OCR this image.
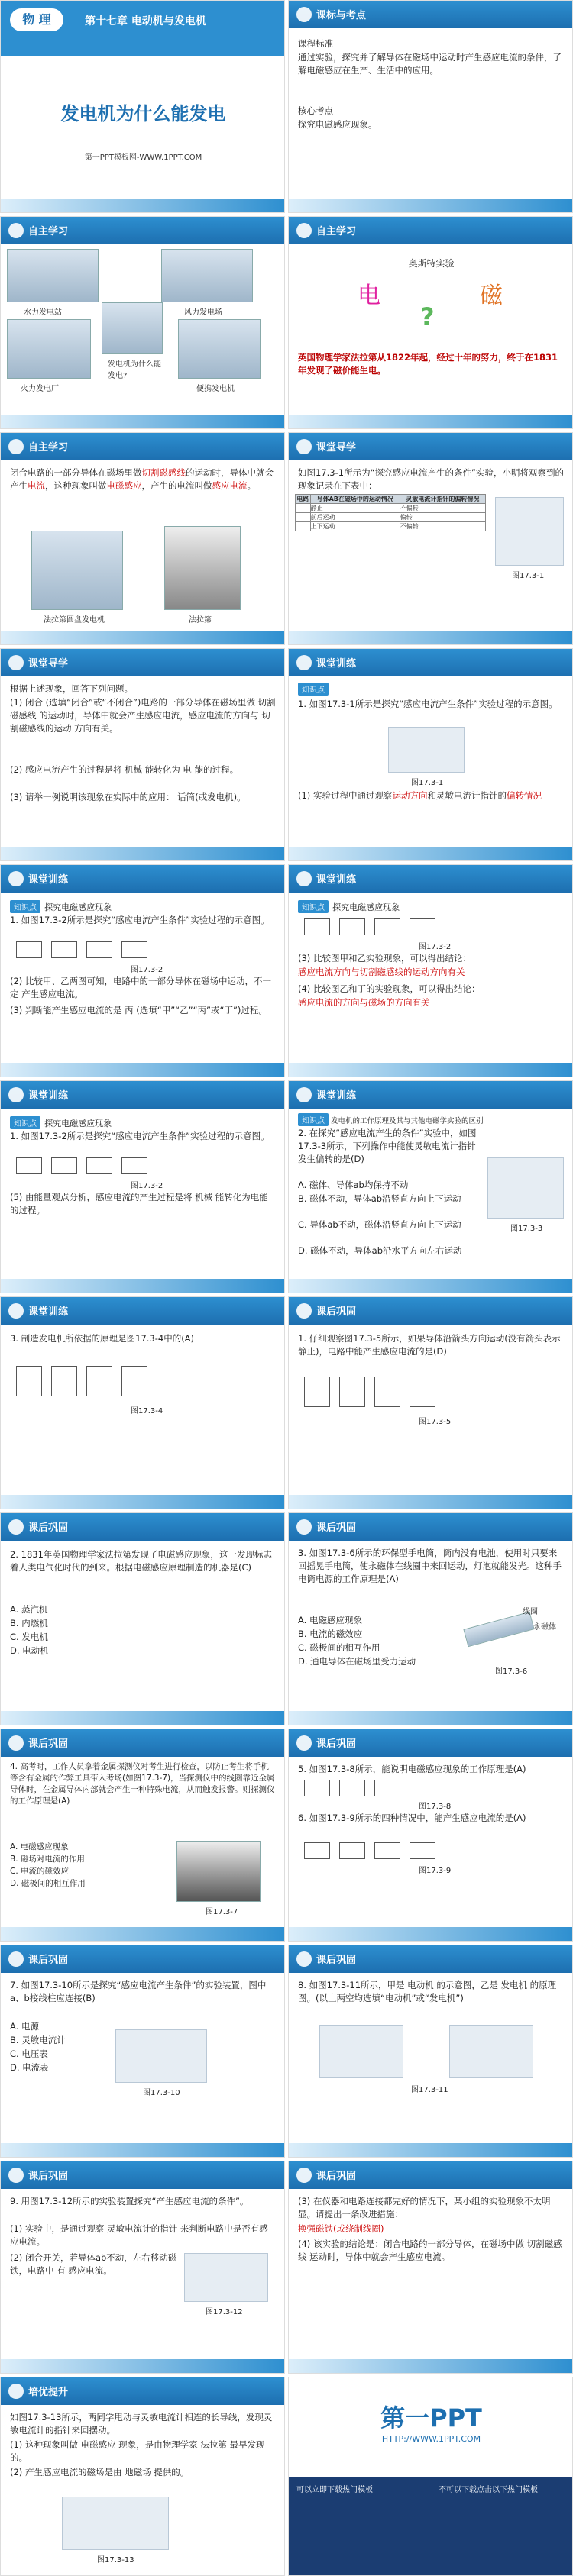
物 理	第十七章 电动机与发电机
发电机为什么能发电
第一PPT模板网-WWW.1PPT.COM
课标与考点
课程标准
通过实验，探究并了解导体在磁场中运动时产生感应电流的条件，了解电磁感应在生产、生活中的应用。
核心考点
探究电磁感应现象。
自主学习
水力发电站	风力发电场
火力发电厂
发电机为什么能发电?
便携发电机
自主学习
奥斯特实验
电	磁
?
英国物理学家法拉第从1822年起，经过十年的努力，终于在1831年发现了磁价能生电。
自主学习
闭合电路的一部分导体在磁场里做切割磁感线的运动时，导体中就会产生电流，这种现象叫做电磁感应，产生的电流叫做感应电流。
法拉第圆盘发电机	法拉第
课堂导学
如图17.3-1所示为“探究感应电流产生的条件”实验，小明将观察到的现象记录在下表中：
电路	导体AB在磁场中的运动情况	灵敏电流计指针的偏转情况
	静止	不偏转
	前后运动	偏转
	上下运动	不偏转
图17.3-1
课堂导学
根据上述现象，回答下列问题。
(1) 闭合 (选填“闭合”或“不闭合”)电路的一部分导体在磁场里做 切割磁感线 的运动时，导体中就会产生感应电流，感应电流的方向与 切割磁感线的运动 方向有关。
(2) 感应电流产生的过程是将 机械 能转化为 电 能的过程。
(3) 请举一例说明该现象在实际中的应用： 话筒(或发电机)。
课堂训练
知识点
1. 如图17.3-1所示是探究“感应电流产生条件”实验过程的示意图。
图17.3-1
(1) 实验过程中通过观察运动方向和灵敏电流计指针的偏转情况
课堂训练
知识点 探究电磁感应现象
1. 如图17.3-2所示是探究“感应电流产生条件”实验过程的示意图。
图17.3-2
(2) 比较甲、乙两图可知，电路中的一部分导体在磁场中运动，不一定 产生感应电流。
(3) 判断能产生感应电流的是 丙 (选填“甲”“乙”“丙”或“丁”)过程。
课堂训练
知识点 探究电磁感应现象
图17.3-2
(3) 比较图甲和乙实验现象，可以得出结论：
感应电流方向与切割磁感线的运动方向有关
(4) 比较图乙和丁的实验现象，可以得出结论：
感应电流的方向与磁场的方向有关
课堂训练
知识点 探究电磁感应现象
1. 如图17.3-2所示是探究“感应电流产生条件”实验过程的示意图。
图17.3-2
(5) 由能量观点分析，感应电流的产生过程是将 机械 能转化为电能的过程。
课堂训练
知识点 发电机的工作原理及其与其他电磁学实验的区别
2. 在探究“感应电流产生的条件”实验中，如图17.3-3所示，下列操作中能使灵敏电流计指针发生偏转的是(D)
A. 磁体、导体ab均保持不动
B. 磁体不动，导体ab沿竖直方向上下运动
C. 导体ab不动，磁体沿竖直方向上下运动
D. 磁体不动，导体ab沿水平方向左右运动
图17.3-3
课堂训练
3. 制造发电机所依据的原理是图17.3-4中的(A)
图17.3-4
课后巩固
1. 仔细观察图17.3-5所示，如果导体沿箭头方向运动(没有箭头表示静止)，电路中能产生感应电流的是(D)
图17.3-5
课后巩固
2. 1831年英国物理学家法拉第发现了电磁感应现象，这一发现标志着人类电气化时代的到来。根据电磁感应原理制造的机器是(C)
A. 蒸汽机
B. 内燃机
C. 发电机
D. 电动机
课后巩固
3. 如图17.3-6所示的环保型手电筒，筒内没有电池，使用时只要来回摇晃手电筒，使永磁体在线圈中来回运动，灯泡就能发光。这种手电筒电源的工作原理是(A)
A. 电磁感应现象
B. 电流的磁效应
C. 磁极间的相互作用
D. 通电导体在磁场里受力运动
线圈
永磁体
图17.3-6
课后巩固
4. 高考时，工作人员拿着金属探测仪对考生进行检查，以防止考生将手机等含有金属的作弊工具带入考场(如图17.3-7)，当探测仪中的线圈靠近金属导体时，在金属导体内部就会产生一种特殊电流，从而触发报警。则探测仪的工作原理是(A)
A. 电磁感应现象
B. 磁场对电流的作用
C. 电流的磁效应
D. 磁极间的相互作用
图17.3-7
课后巩固
5. 如图17.3-8所示，能说明电磁感应现象的工作原理是(A)
图17.3-8
6. 如图17.3-9所示的四种情况中，能产生感应电流的是(A)
图17.3-9
课后巩固
7. 如图17.3-10所示是探究“感应电流产生条件”的实验装置，图中a、b接线柱应连接(B)
A. 电源
B. 灵敏电流计
C. 电压表
D. 电流表
图17.3-10
课后巩固
8. 如图17.3-11所示，甲是 电动机 的示意图，乙是 发电机 的原理图。(以上两空均选填“电动机”或“发电机”)
图17.3-11
课后巩固
9. 用图17.3-12所示的实验装置探究“产生感应电流的条件”。
(1) 实验中，是通过观察 灵敏电流计的指针 来判断电路中是否有感应电流。
(2) 闭合开关，若导体ab不动，左右移动磁铁，电路中 有 感应电流。
图17.3-12
课后巩固
(3) 在仪器和电路连接都完好的情况下，某小组的实验现象不太明显。请提出一条改进措施：
换强磁铁(或绕制线圈)
(4) 该实验的结论是：闭合电路的一部分导体，在磁场中做 切割磁感线 运动时，导体中就会产生感应电流。
培优提升
如图17.3-13所示，两同学甩动与灵敏电流计相连的长导线，发现灵敏电流计的指针来回摆动。
(1) 这种现象叫做 电磁感应 现象，是由物理学家 法拉第 最早发现的。
(2) 产生感应电流的磁场是由 地磁场 提供的。
图17.3-13
第一PPT
HTTP://WWW.1PPT.COM
可以立即下载热门模板	不可以下载点击以下热门模板
